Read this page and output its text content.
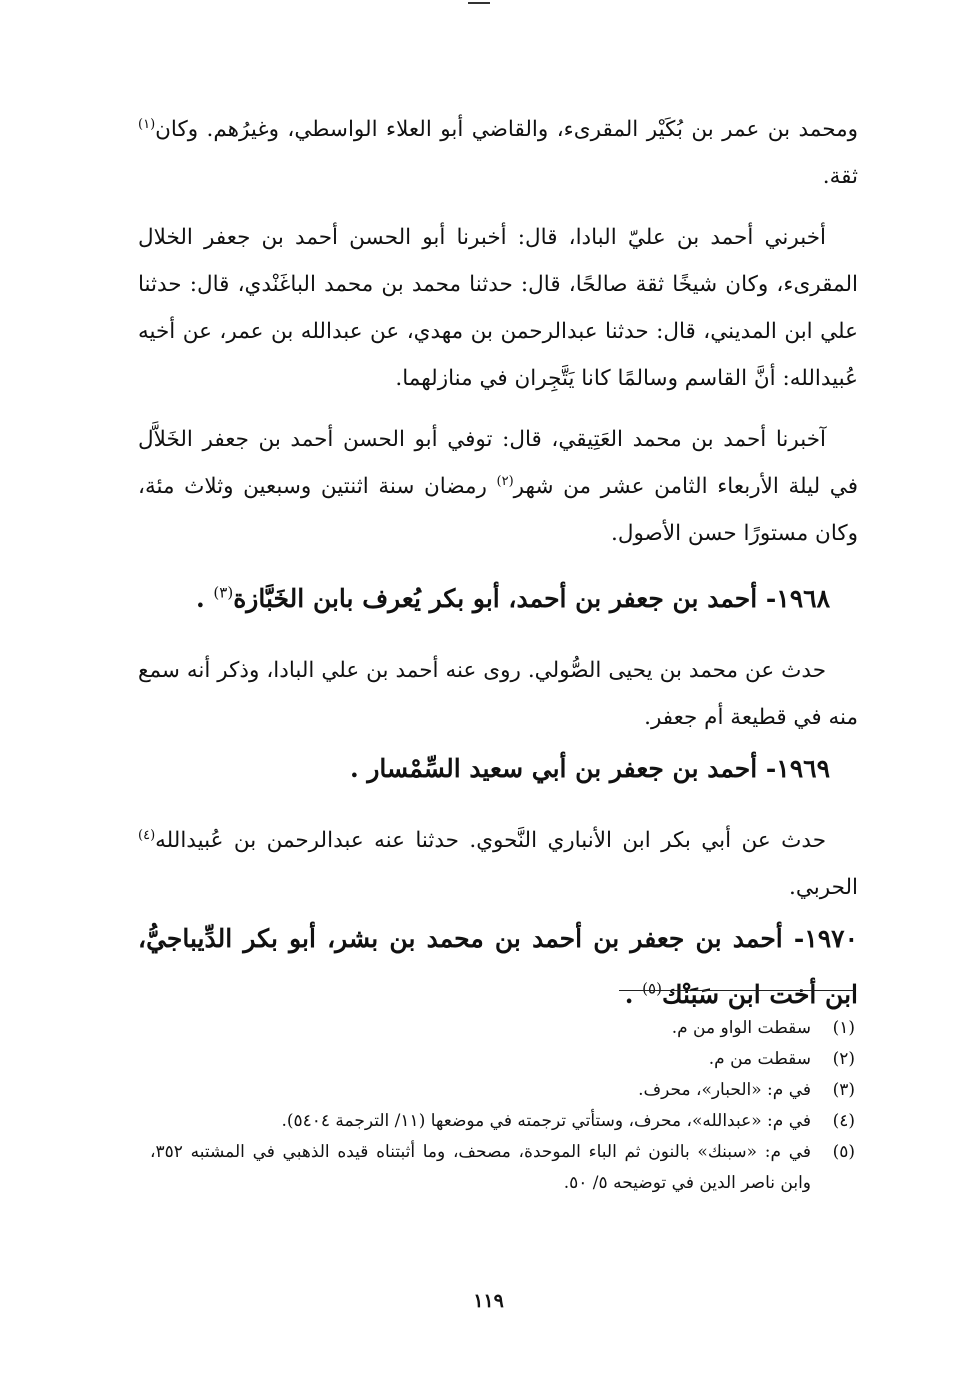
ومحمد بن عمر بن بُكَيْر المقرىء، والقاضي أبو العلاء الواسطي، وغيرُهم. وكان$^{(١)}$ ثقة.

أخبرني أحمد بن عليّ البادا، قال: أخبرنا أبو الحسن أحمد بن جعفر الخلال المقرىء، وكان شيخًا ثقة صالحًا، قال: حدثنا محمد بن محمد الباغَنْدي، قال: حدثنا علي ابن المديني، قال: حدثنا عبدالرحمن بن مهدي، عن عبدالله بن عمر، عن أخيه عُبيدالله: أنَّ القاسم وسالمًا كانا يَتَّجِران في منازلهما.

آخبرنا أحمد بن محمد العَتِيقي، قال: توفي أبو الحسن أحمد بن جعفر الخَلاَّل في ليلة الأربعاء الثامن عشر من شهر$^{(٢)}$ رمضان سنة اثنتين وسبعين وثلاث مئة، وكان مستورًا حسن الأصول.

١٩٦٨- أحمد بن جعفر بن أحمد، أبو بكر يُعرف بابن الخَبَّازة$^{(٣)}$ .

حدث عن محمد بن يحيى الصُّولي. روى عنه أحمد بن علي البادا، وذكر أنه سمع منه في قطيعة أم جعفر.

١٩٦٩- أحمد بن جعفر بن أبي سعيد السِّمْسار .

حدث عن أبي بكر ابن الأنباري النَّحوي. حدثنا عنه عبدالرحمن بن عُبيدالله$^{(٤)}$ الحربي.

١٩٧٠- أحمد بن جعفر بن أحمد بن محمد بن بشر، أبو بكر الدِّيباجيُّ، ابن أخت ابن سَبَنْك$^{(٥)}$ .

(١)
سقطت الواو من م.
(٢)
سقطت من م.
(٣)
في م: «الحبار»، محرف.
(٤)
في م: «عبدالله»، محرف، وستأتي ترجمته في موضعها (١١/ الترجمة ٥٤٠٤).
(٥)
في م: «سبنك» بالنون ثم الباء الموحدة، مصحف، وما أثبتناه قيده الذهبي في المشتبه ٣٥٢، وابن ناصر الدين في توضيحه ٥/ ٥٠.
١١٩
